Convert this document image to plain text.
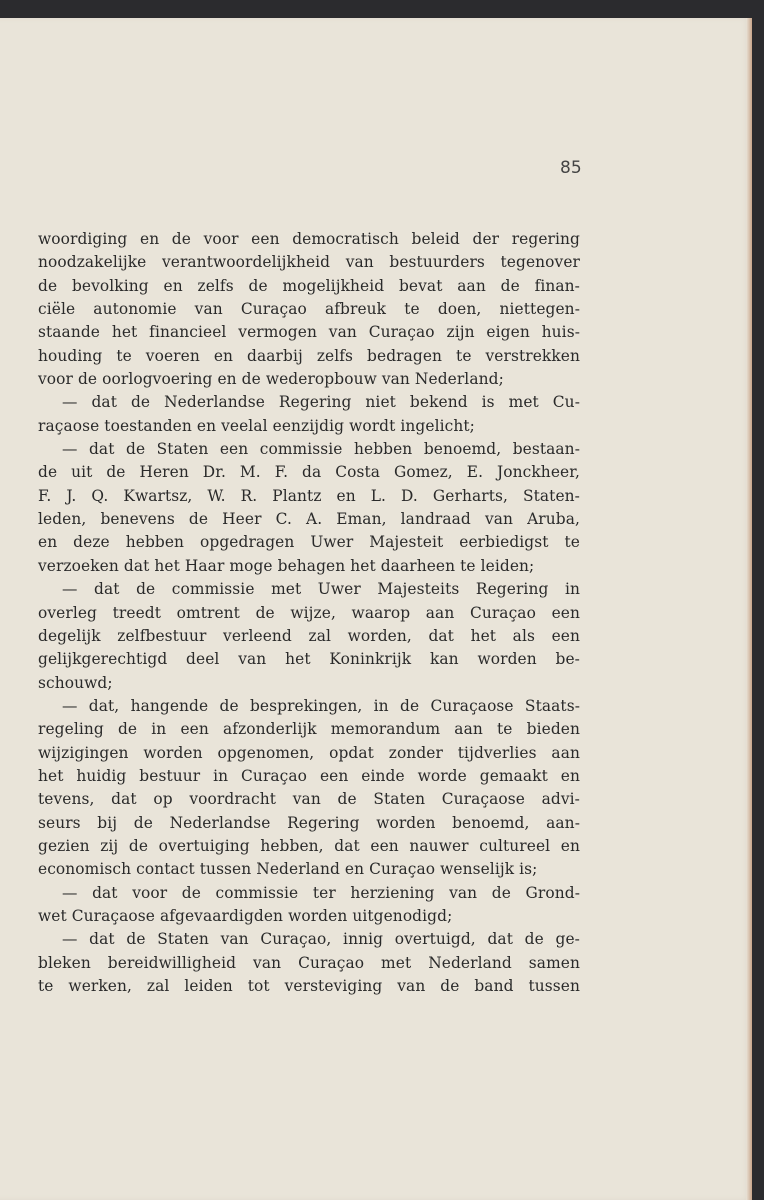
85
woordiging en de voor een democratisch beleid der regering
noodzakelijke verantwoordelijkheid van bestuurders tegenover
de bevolking en zelfs de mogelijkheid bevat aan de finan-
ciële autonomie van Curaçao afbreuk te doen, niettegen-
staande het financieel vermogen van Curaçao zijn eigen huis-
houding te voeren en daarbij zelfs bedragen te verstrekken
voor de oorlogvoering en de wederopbouw van Nederland;
— dat de Nederlandse Regering niet bekend is met Cu-
raçaose toestanden en veelal eenzijdig wordt ingelicht;
— dat de Staten een commissie hebben benoemd, bestaan-
de uit de Heren Dr. M. F. da Costa Gomez, E. Jonckheer,
F. J. Q. Kwartsz, W. R. Plantz en L. D. Gerharts, Staten-
leden, benevens de Heer C. A. Eman, landraad van Aruba,
en deze hebben opgedragen Uwer Majesteit eerbiedigst te
verzoeken dat het Haar moge behagen het daarheen te leiden;
— dat de commissie met Uwer Majesteits Regering in
overleg treedt omtrent de wijze, waarop aan Curaçao een
degelijk zelfbestuur verleend zal worden, dat het als een
gelijkgerechtigd deel van het Koninkrijk kan worden be-
schouwd;
— dat, hangende de besprekingen, in de Curaçaose Staats-
regeling de in een afzonderlijk memorandum aan te bieden
wijzigingen worden opgenomen, opdat zonder tijdverlies aan
het huidig bestuur in Curaçao een einde worde gemaakt en
tevens, dat op voordracht van de Staten Curaçaose advi-
seurs bij de Nederlandse Regering worden benoemd, aan-
gezien zij de overtuiging hebben, dat een nauwer cultureel en
economisch contact tussen Nederland en Curaçao wenselijk is;
— dat voor de commissie ter herziening van de Grond-
wet Curaçaose afgevaardigden worden uitgenodigd;
— dat de Staten van Curaçao, innig overtuigd, dat de ge-
bleken bereidwilligheid van Curaçao met Nederland samen
te werken, zal leiden tot versteviging van de band tussen
